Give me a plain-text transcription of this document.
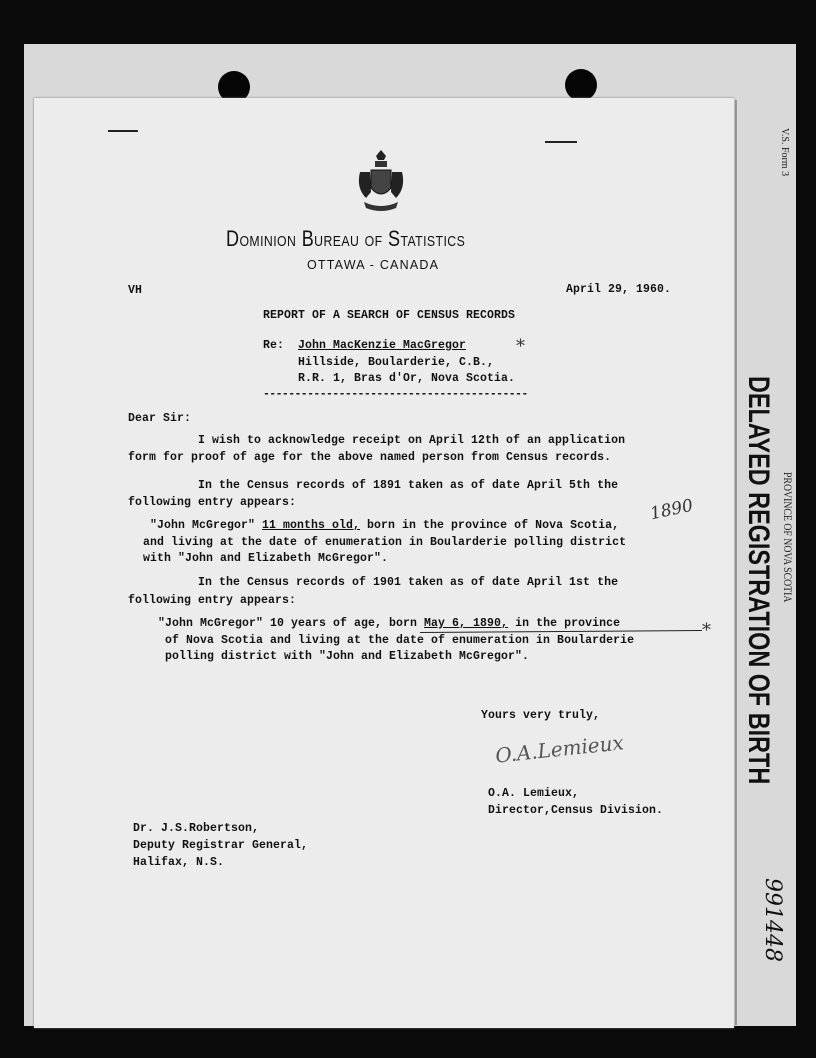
V.S. Form 3
PROVINCE OF NOVA SCOTIA
DELAYED REGISTRATION OF BIRTH
991448
Dominion Bureau of Statistics
OTTAWA - CANADA
VH	April 29, 1960.
REPORT OF A SEARCH OF CENSUS RECORDS
Re: John MacKenzie MacGregor	*
Hillside, Boularderie, C.B.,
R.R. 1, Bras d'Or, Nova Scotia.
------------------------------------------
Dear Sir:
I wish to acknowledge receipt on April 12th of an application
form for proof of age for the above named person from Census records.
In the Census records of 1891 taken as of date April 5th the
following entry appears:
"John McGregor" 11 months old, born in the province of Nova Scotia,
and living at the date of enumeration in Boularderie polling district
with "John and Elizabeth McGregor".
1890
In the Census records of 1901 taken as of date April 1st the
following entry appears:
"John McGregor" 10 years of age, born May 6, 1890, in the province	*
of Nova Scotia and living at the date of enumeration in Boularderie
polling district with "John and Elizabeth McGregor".
Yours very truly,
O.A.Lemieux
O.A. Lemieux,
Director,Census Division.
Dr. J.S.Robertson,
Deputy Registrar General,
Halifax, N.S.
